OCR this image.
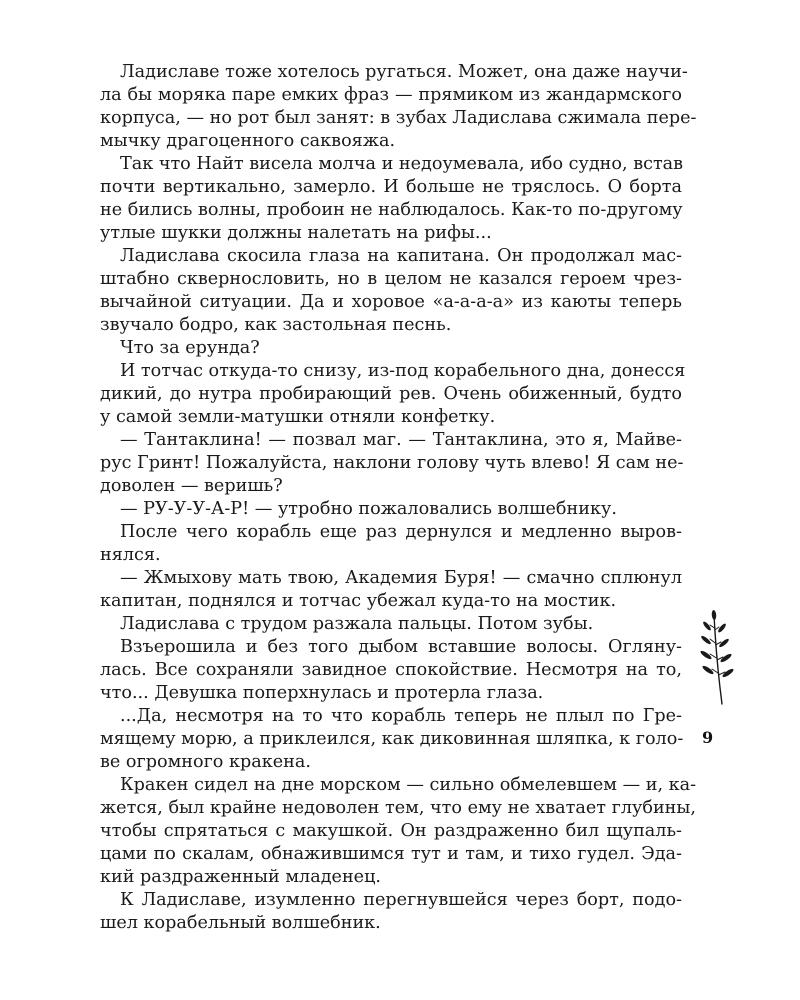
Ладиславе тоже хотелось ругаться. Может, она даже научи-
ла бы моряка паре емких фраз — прямиком из жандармского
корпуса, — но рот был занят: в зубах Ладислава сжимала пере-
мычку драгоценного саквояжа.
Так что Найт висела молча и недоумевала, ибо судно, встав
почти вертикально, замерло. И больше не тряслось. О борта
не бились волны, пробоин не наблюдалось. Как-то по-другому
утлые шукки должны налетать на рифы...
Ладислава скосила глаза на капитана. Он продолжал мас-
штабно сквернословить, но в целом не казался героем чрез-
вычайной ситуации. Да и хоровое «а-а-а-а» из каюты теперь
звучало бодро, как застольная песнь.
Что за ерунда?
И тотчас откуда-то снизу, из-под корабельного дна, донесся
дикий, до нутра пробирающий рев. Очень обиженный, будто
у самой земли-матушки отняли конфетку.
— Тантаклина! — позвал маг. — Тантаклина, это я, Майве-
рус Гринт! Пожалуйста, наклони голову чуть влево! Я сам не-
доволен — веришь?
— РУ-У-У-А-Р! — утробно пожаловались волшебнику.
После чего корабль еще раз дернулся и медленно выров-
нялся.
— Жмыхову мать твою, Академия Буря! — смачно сплюнул
капитан, поднялся и тотчас убежал куда-то на мостик.
Ладислава с трудом разжала пальцы. Потом зубы.
Взъерошила и без того дыбом вставшие волосы. Огляну-
лась. Все сохраняли завидное спокойствие. Несмотря на то,
что... Девушка поперхнулась и протерла глаза.
...Да, несмотря на то что корабль теперь не плыл по Гре-
мящему морю, а приклеился, как диковинная шляпка, к голо-
ве огромного кракена.
Кракен сидел на дне морском — сильно обмелевшем — и, ка-
жется, был крайне недоволен тем, что ему не хватает глубины,
чтобы спрятаться с макушкой. Он раздраженно бил щупаль-
цами по скалам, обнажившимся тут и там, и тихо гудел. Эда-
кий раздраженный младенец.
К Ладиславе, изумленно перегнувшейся через борт, подо-
шел корабельный волшебник.
9
